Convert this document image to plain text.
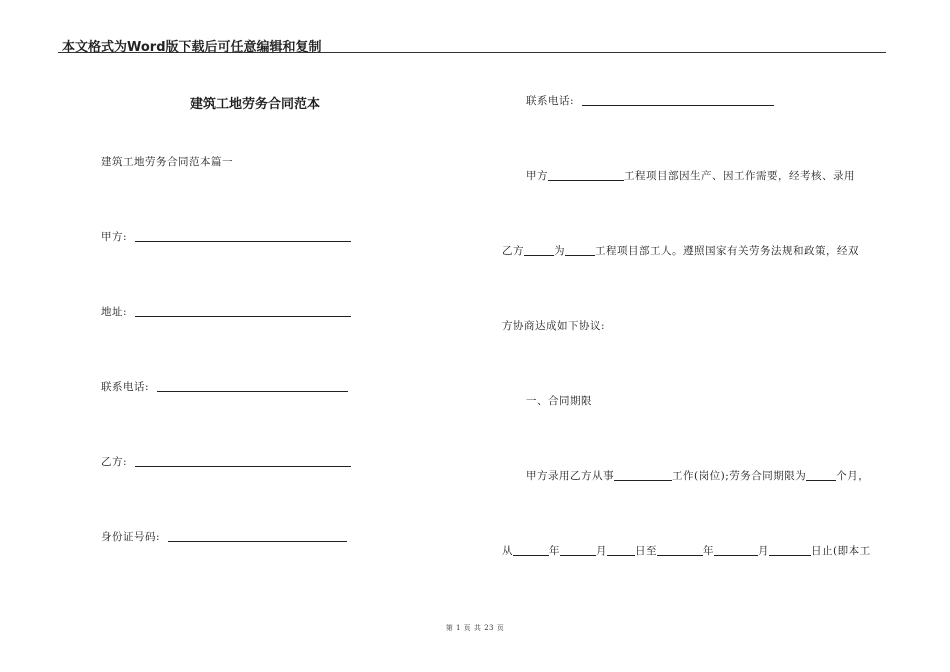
本文格式为Word版下载后可任意编辑和复制
建筑工地劳务合同范本
建筑工地劳务合同范本篇一
甲方:
地址:
联系电话:
乙方:
身份证号码:
联系电话:
甲方	工程项目部因生产、因工作需要，经考核、录用
乙方	为	工程项目部工人。遵照国家有关劳务法规和政策，经双
方协商达成如下协议:
一、合同期限
甲方录用乙方从事	工作(岗位);劳务合同期限为	个月，
从	年	月	日至	年	月	日止(即本工
第 1 页 共 23 页
